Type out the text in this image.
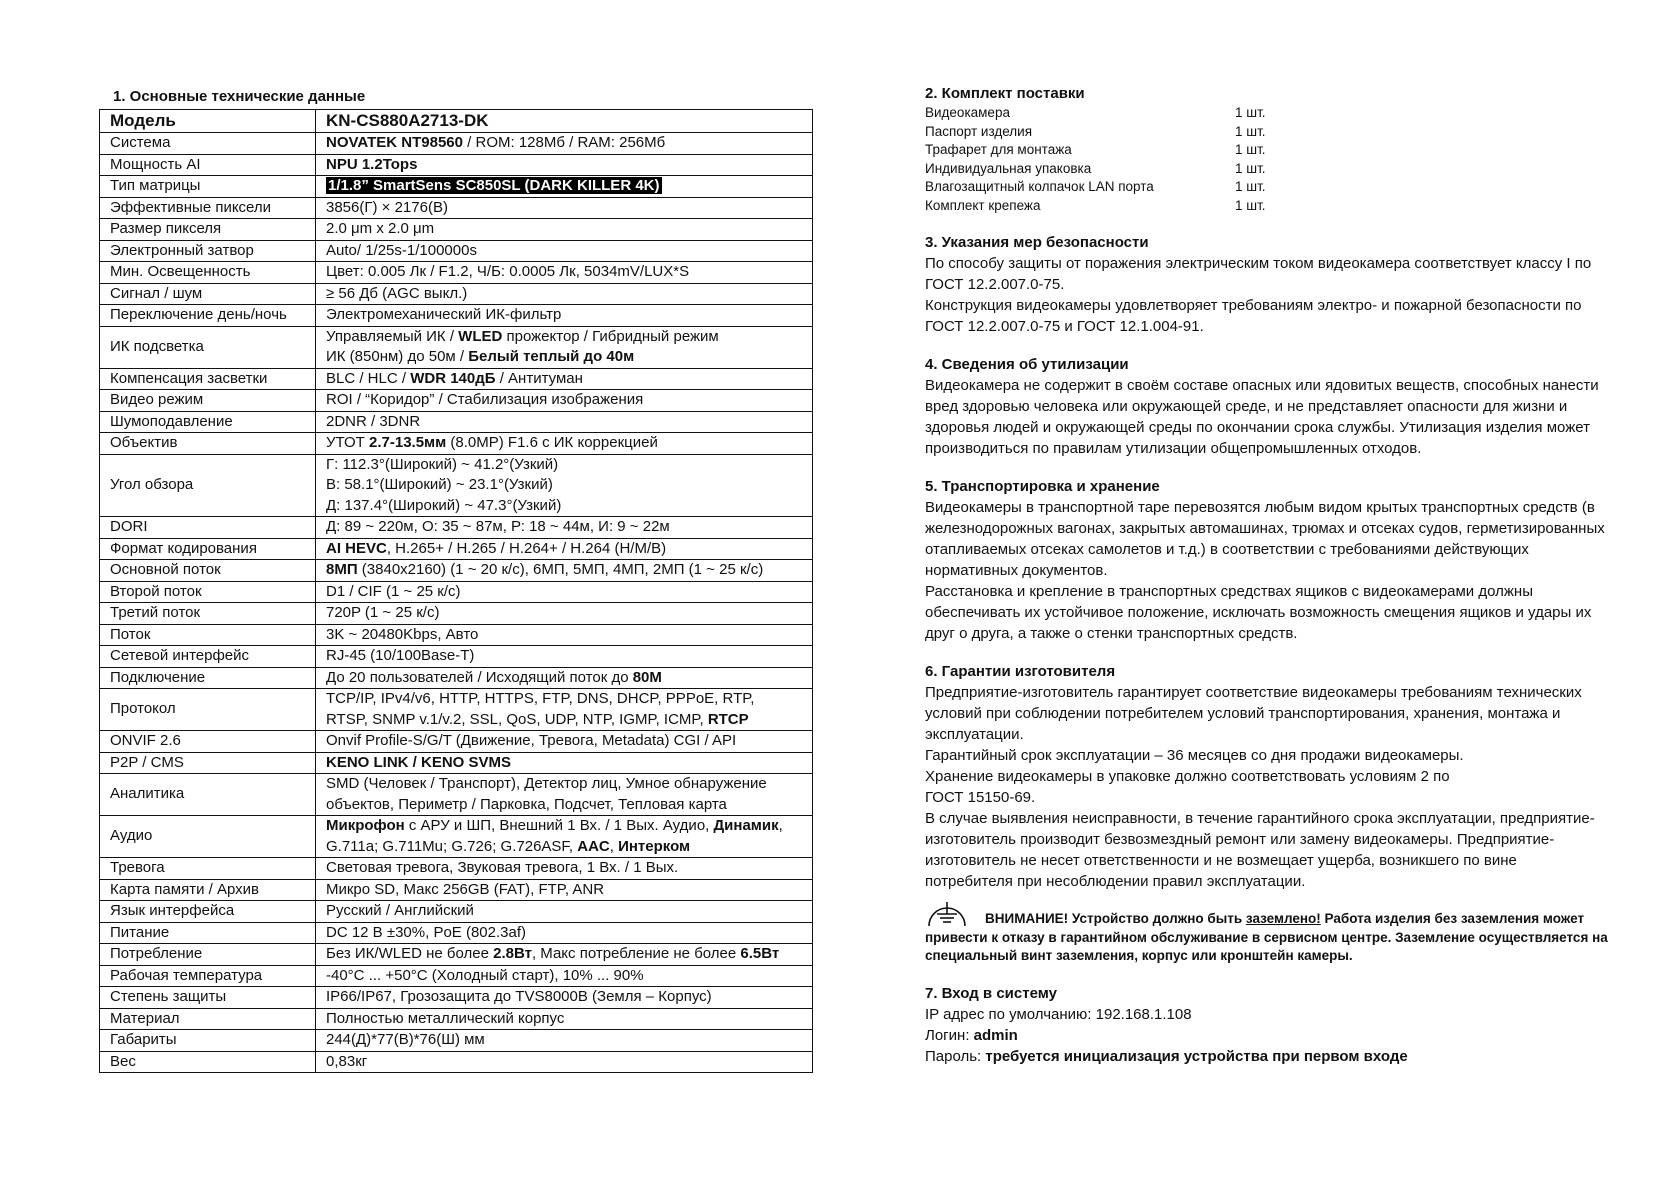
1. Основные технические данные
Модель	KN-CS880A2713-DK
Система	NOVATEK NT98560 / ROM: 128Мб / RAM: 256Мб
Мощность AI	NPU 1.2Tops
Тип матрицы	1/1.8” SmartSens SC850SL (DARK KILLER 4K)
Эффективные пиксели	3856(Г) × 2176(В)
Размер пикселя	2.0 μm x 2.0 μm
Электронный затвор	Auto/ 1/25s-1/100000s
Мин. Освещенность	Цвет: 0.005 Лк / F1.2, Ч/Б: 0.0005 Лк, 5034mV/LUX*S
Сигнал / шум	≥ 56 Дб (AGC выкл.)
Переключение день/ночь	Электромеханический ИК-фильтр
ИК подсветка	Управляемый ИК / WLED прожектор / Гибридный режим
ИК (850нм) до 50м / Белый теплый до 40м
Компенсация засветки	BLC / HLC / WDR 140дБ / Антитуман
Видео режим	ROI / “Коридор” / Стабилизация изображения
Шумоподавление	2DNR / 3DNR
Объектив	УТОТ 2.7-13.5мм (8.0MP) F1.6 с ИК коррекцией
Угол обзора	Г: 112.3°(Широкий) ~ 41.2°(Узкий)
В: 58.1°(Широкий) ~ 23.1°(Узкий)
Д: 137.4°(Широкий) ~ 47.3°(Узкий)
DORI	Д: 89 ~ 220м, О: 35 ~ 87м, Р: 18 ~ 44м, И: 9 ~ 22м
Формат кодирования	AI HEVC, H.265+ / H.265 / H.264+ / H.264 (H/M/B)
Основной поток	8МП (3840x2160) (1 ~ 20 к/с), 6МП, 5МП, 4МП, 2МП (1 ~ 25 к/с)
Второй поток	D1 / CIF (1 ~ 25 к/с)
Третий поток	720P (1 ~ 25 к/с)
Поток	3K ~ 20480Kbps, Авто
Сетевой интерфейс	RJ-45 (10/100Base-T)
Подключение	До 20 пользователей / Исходящий поток до 80M
Протокол	TCP/IP, IPv4/v6, HTTP, HTTPS, FTP, DNS, DHCP, PPPoE, RTP,
RTSP, SNMP v.1/v.2, SSL, QoS, UDP, NTP, IGMP, ICMP, RTCP
ONVIF 2.6	Onvif Profile-S/G/T (Движение, Тревога, Metadata) CGI / API
P2P / CMS	KENO LINK / KENO SVMS
Аналитика	SMD (Человек / Транспорт), Детектор лиц, Умное обнаружение
объектов, Периметр / Парковка, Подсчет, Тепловая карта
Аудио	Микрофон с АРУ и ШП, Внешний 1 Вх. / 1 Вых. Аудио, Динамик,
G.711a; G.711Mu; G.726; G.726ASF, AAC, Интерком
Тревога	Световая тревога, Звуковая тревога, 1 Вх. / 1 Вых.
Карта памяти / Архив	Микро SD, Макс 256GB (FAT), FTP, ANR
Язык интерфейса	Русский / Английский
Питание	DC 12 В ±30%, PoE (802.3af)
Потребление	Без ИК/WLED не более 2.8Вт, Макс потребление не более 6.5Вт
Рабочая температура	-40°C ... +50°C (Холодный старт), 10% ... 90%
Степень защиты	IP66/IP67, Грозозащита до TVS8000В (Земля – Корпус)
Материал	Полностью металлический корпус
Габариты	244(Д)*77(В)*76(Ш) мм
Вес	0,83кг
2. Комплект поставки
Видеокамера	1 шт.
Паспорт изделия	1 шт.
Трафарет для монтажа	1 шт.
Индивидуальная упаковка	1 шт.
Влагозащитный колпачок LAN порта	1 шт.
Комплект крепежа	1 шт.
3. Указания мер безопасности
По способу защиты от поражения электрическим током видеокамера соответствует классу I по
ГОСТ 12.2.007.0-75.
Конструкция видеокамеры удовлетворяет требованиям электро- и пожарной безопасности по
ГОСТ 12.2.007.0-75 и ГОСТ 12.1.004-91.
4. Сведения об утилизации
Видеокамера не содержит в своём составе опасных или ядовитых веществ, способных нанести
вред здоровью человека или окружающей среде, и не представляет опасности для жизни и
здоровья людей и окружающей среды по окончании срока службы. Утилизация изделия может
производиться по правилам утилизации общепромышленных отходов.
5. Транспортировка и хранение
Видеокамеры в транспортной таре перевозятся любым видом крытых транспортных средств (в
железнодорожных вагонах, закрытых автомашинах, трюмах и отсеках судов, герметизированных
отапливаемых отсеках самолетов и т.д.) в соответствии с требованиями действующих
нормативных документов.
Расстановка и крепление в транспортных средствах ящиков с видеокамерами должны
обеспечивать их устойчивое положение, исключать возможность смещения ящиков и удары их
друг о друга, а также о стенки транспортных средств.
6. Гарантии изготовителя
Предприятие-изготовитель гарантирует соответствие видеокамеры требованиям технических
условий при соблюдении потребителем условий транспортирования, хранения, монтажа и
эксплуатации.
Гарантийный срок эксплуатации – 36 месяцев со дня продажи видеокамеры.
Хранение видеокамеры в упаковке должно соответствовать условиям 2 по
ГОСТ 15150-69.
В случае выявления неисправности, в течение гарантийного срока эксплуатации, предприятие-
изготовитель производит безвозмездный ремонт или замену видеокамеры. Предприятие-
изготовитель не несет ответственности и не возмещает ущерба, возникшего по вине
потребителя при несоблюдении правил эксплуатации.
ВНИМАНИЕ! Устройство должно быть заземлено! Работа изделия без заземления может привести к отказу в гарантийном обслуживание в сервисном центре. Заземление осуществляется на специальный винт заземления, корпус или кронштейн камеры.
7. Вход в систему
IP адрес по умолчанию: 192.168.1.108
Логин: admin
Пароль: требуется инициализация устройства при первом входе
